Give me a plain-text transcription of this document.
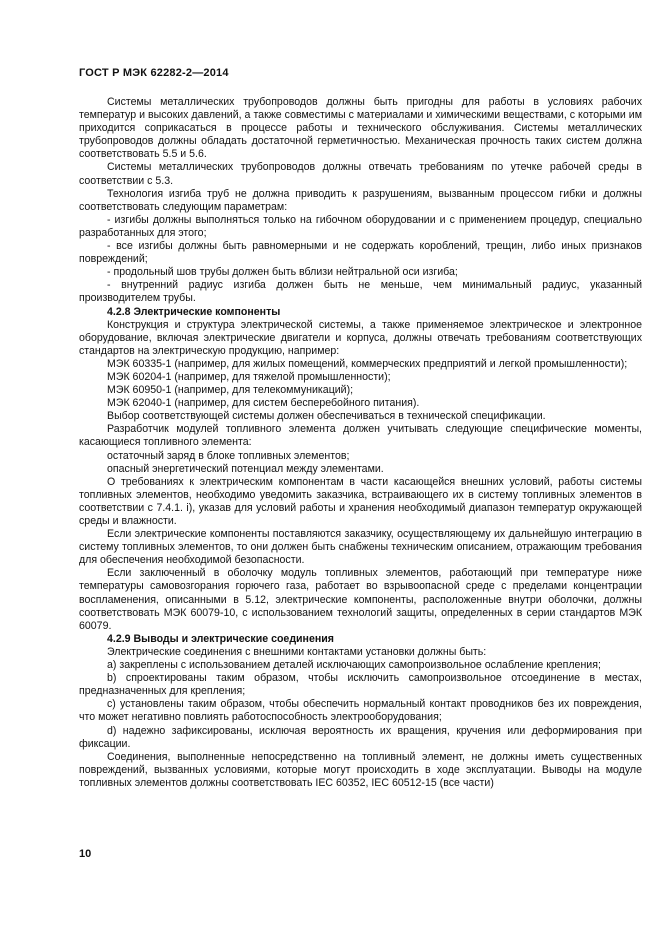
ГОСТ Р МЭК 62282-2—2014

Системы металлических трубопроводов должны быть пригодны для работы в условиях рабочих температур и высоких давлений, а также совместимы с материалами и химическими веществами, с которыми им приходится соприкасаться в процессе работы и технического обслуживания. Системы металлических трубопроводов должны обладать достаточной герметичностью. Механическая прочность таких систем должна соответствовать 5.5 и 5.6.

Системы металлических трубопроводов должны отвечать требованиям по утечке рабочей среды в соответствии с 5.3.

Технология изгиба труб не должна приводить к разрушениям, вызванным процессом гибки и должны соответствовать следующим параметрам:

- изгибы должны выполняться только на гибочном оборудовании и с применением процедур, специально разработанных для этого;

- все изгибы должны быть равномерными и не содержать короблений, трещин, либо иных признаков повреждений;

- продольный шов трубы должен быть вблизи нейтральной оси изгиба;

- внутренний радиус изгиба должен быть не меньше, чем минимальный радиус, указанный производителем трубы.

4.2.8 Электрические компоненты

Конструкция и структура электрической системы, а также применяемое электрическое и электронное оборудование, включая электрические двигатели и корпуса, должны отвечать требованиям соответствующих стандартов на электрическую продукцию, например:

МЭК 60335-1 (например, для жилых помещений, коммерческих предприятий и легкой промышленности);

МЭК 60204-1 (например, для тяжелой промышленности);

МЭК 60950-1 (например, для телекоммуникаций);

МЭК 62040-1 (например, для систем бесперебойного питания).

Выбор соответствующей системы должен обеспечиваться в технической спецификации.

Разработчик модулей топливного элемента должен учитывать следующие специфические моменты, касающиеся топливного элемента:

остаточный заряд в блоке топливных элементов;

опасный энергетический потенциал между элементами.

О требованиях к электрическим компонентам в части касающейся внешних условий, работы системы топливных элементов, необходимо уведомить заказчика, встраивающего их в систему топливных элементов в соответствии с 7.4.1. i), указав для условий работы и хранения необходимый диапазон температур окружающей среды и влажности.

Если электрические компоненты поставляются заказчику, осуществляющему их дальнейшую интеграцию в систему топливных элементов, то они должен быть снабжены техническим описанием, отражающим требования для обеспечения необходимой безопасности.

Если заключенный в оболочку модуль топливных элементов, работающий при температуре ниже температуры самовозгорания горючего газа, работает во взрывоопасной среде с пределами концентрации воспламенения, описанными в 5.12, электрические компоненты, расположенные внутри оболочки, должны соответствовать МЭК 60079-10, с использованием технологий защиты, определенных в серии стандартов МЭК 60079.

4.2.9 Выводы и электрические соединения

Электрические соединения с внешними контактами установки должны быть:

а) закреплены с использованием деталей исключающих самопроизвольное ослабление крепления;

b) спроектированы таким образом, чтобы исключить самопроизвольное отсоединение в местах, предназначенных для крепления;

с) установлены таким образом, чтобы обеспечить нормальный контакт проводников без их повреждения, что может негативно повлиять работоспособность электрооборудования;

d) надежно зафиксированы, исключая вероятность их вращения, кручения или деформирования при фиксации.

Соединения, выполненные непосредственно на топливный элемент, не должны иметь существенных повреждений, вызванных условиями, которые могут происходить в ходе эксплуатации. Выводы на модуле топливных элементов должны соответствовать IEC 60352, IEC 60512-15 (все части)

10
